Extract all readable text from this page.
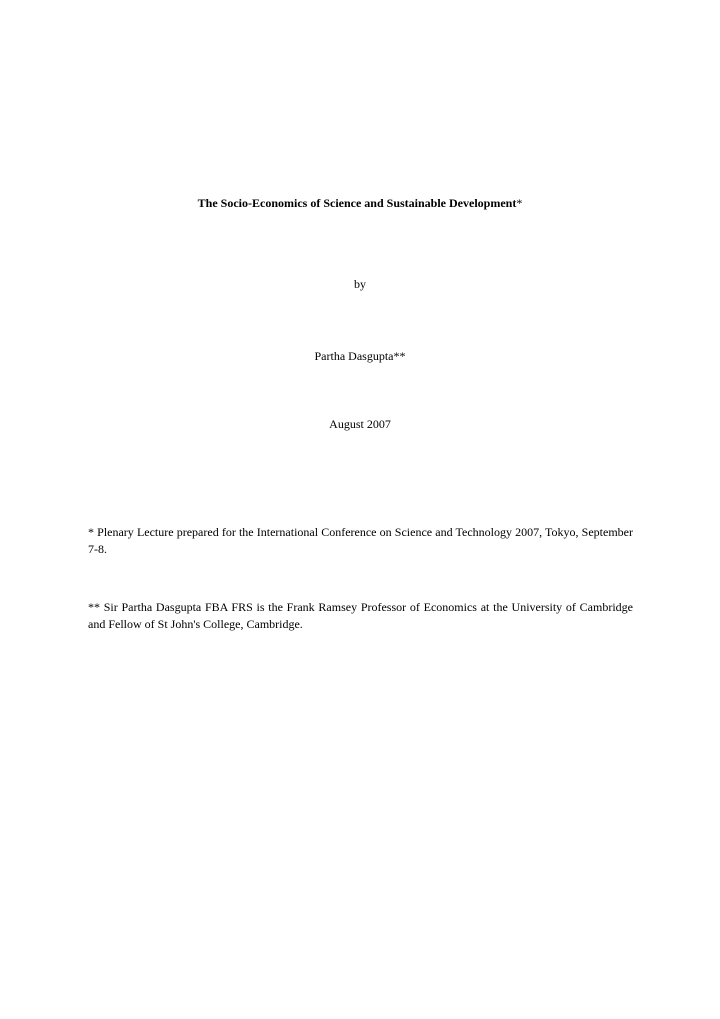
The Socio-Economics of Science and Sustainable Development*
by
Partha Dasgupta**
August 2007
* Plenary Lecture prepared for the International Conference on Science and Technology 2007, Tokyo, September 7-8.
** Sir Partha Dasgupta FBA FRS is the Frank Ramsey Professor of Economics at the University of Cambridge and Fellow of St John's College, Cambridge.
